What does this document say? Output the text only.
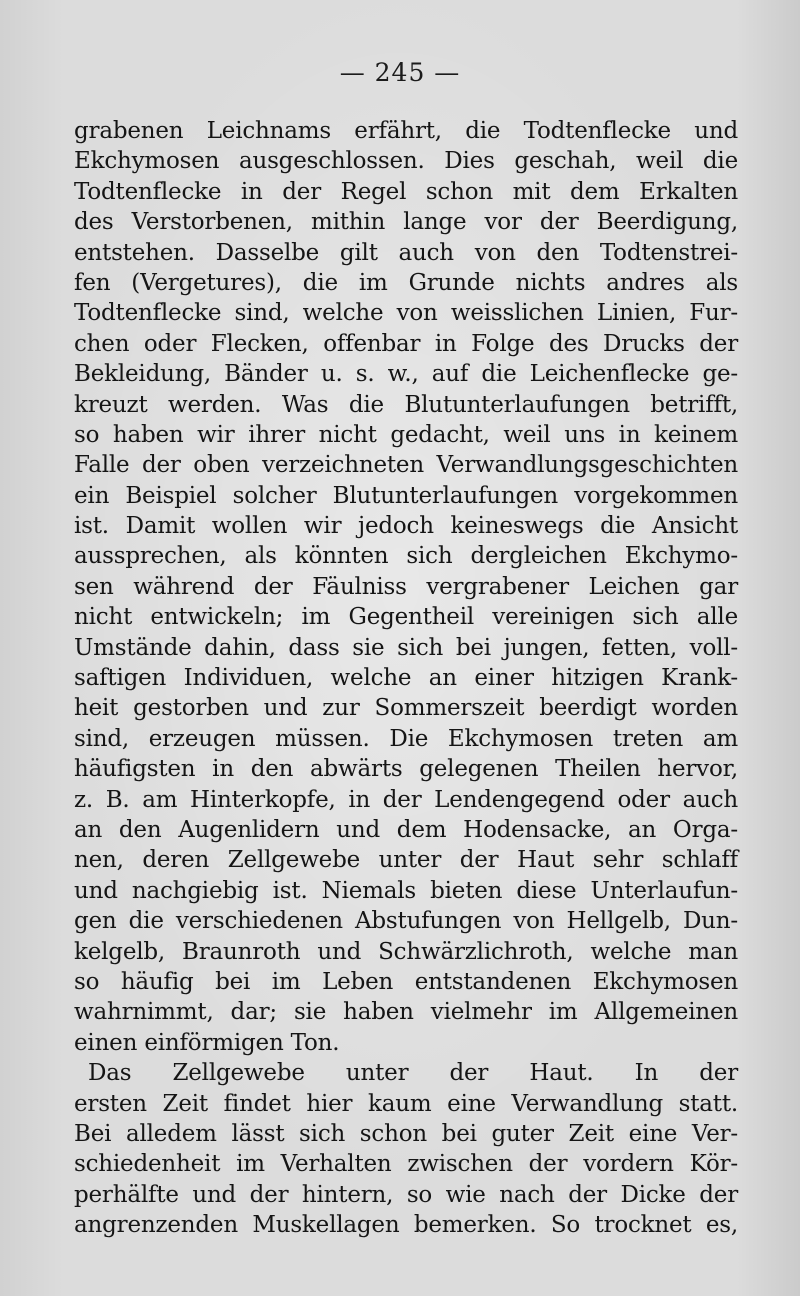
— 245 —
grabenen Leichnams erfährt, die Todtenflecke und
Ekchymosen ausgeschlossen. Dies geschah, weil die
Todtenflecke in der Regel schon mit dem Erkalten
des Verstorbenen, mithin lange vor der Beerdigung,
entstehen. Dasselbe gilt auch von den Todtenstrei-
fen (Vergetures), die im Grunde nichts andres als
Todtenflecke sind, welche von weisslichen Linien, Fur-
chen oder Flecken, offenbar in Folge des Drucks der
Bekleidung, Bänder u. s. w., auf die Leichenflecke ge-
kreuzt werden. Was die Blutunterlaufungen betrifft,
so haben wir ihrer nicht gedacht, weil uns in keinem
Falle der oben verzeichneten Verwandlungsgeschichten
ein Beispiel solcher Blutunterlaufungen vorgekommen
ist. Damit wollen wir jedoch keineswegs die Ansicht
aussprechen, als könnten sich dergleichen Ekchymo-
sen während der Fäulniss vergrabener Leichen gar
nicht entwickeln; im Gegentheil vereinigen sich alle
Umstände dahin, dass sie sich bei jungen, fetten, voll-
saftigen Individuen, welche an einer hitzigen Krank-
heit gestorben und zur Sommerszeit beerdigt worden
sind, erzeugen müssen. Die Ekchymosen treten am
häufigsten in den abwärts gelegenen Theilen hervor,
z. B. am Hinterkopfe, in der Lendengegend oder auch
an den Augenlidern und dem Hodensacke, an Orga-
nen, deren Zellgewebe unter der Haut sehr schlaff
und nachgiebig ist. Niemals bieten diese Unterlaufun-
gen die verschiedenen Abstufungen von Hellgelb, Dun-
kelgelb, Braunroth und Schwärzlichroth, welche man
so häufig bei im Leben entstandenen Ekchymosen
wahrnimmt, dar; sie haben vielmehr im Allgemeinen
einen einförmigen Ton.
Das Zellgewebe unter der Haut. In der
ersten Zeit findet hier kaum eine Verwandlung statt.
Bei alledem lässt sich schon bei guter Zeit eine Ver-
schiedenheit im Verhalten zwischen der vordern Kör-
perhälfte und der hintern, so wie nach der Dicke der
angrenzenden Muskellagen bemerken. So trocknet es,
